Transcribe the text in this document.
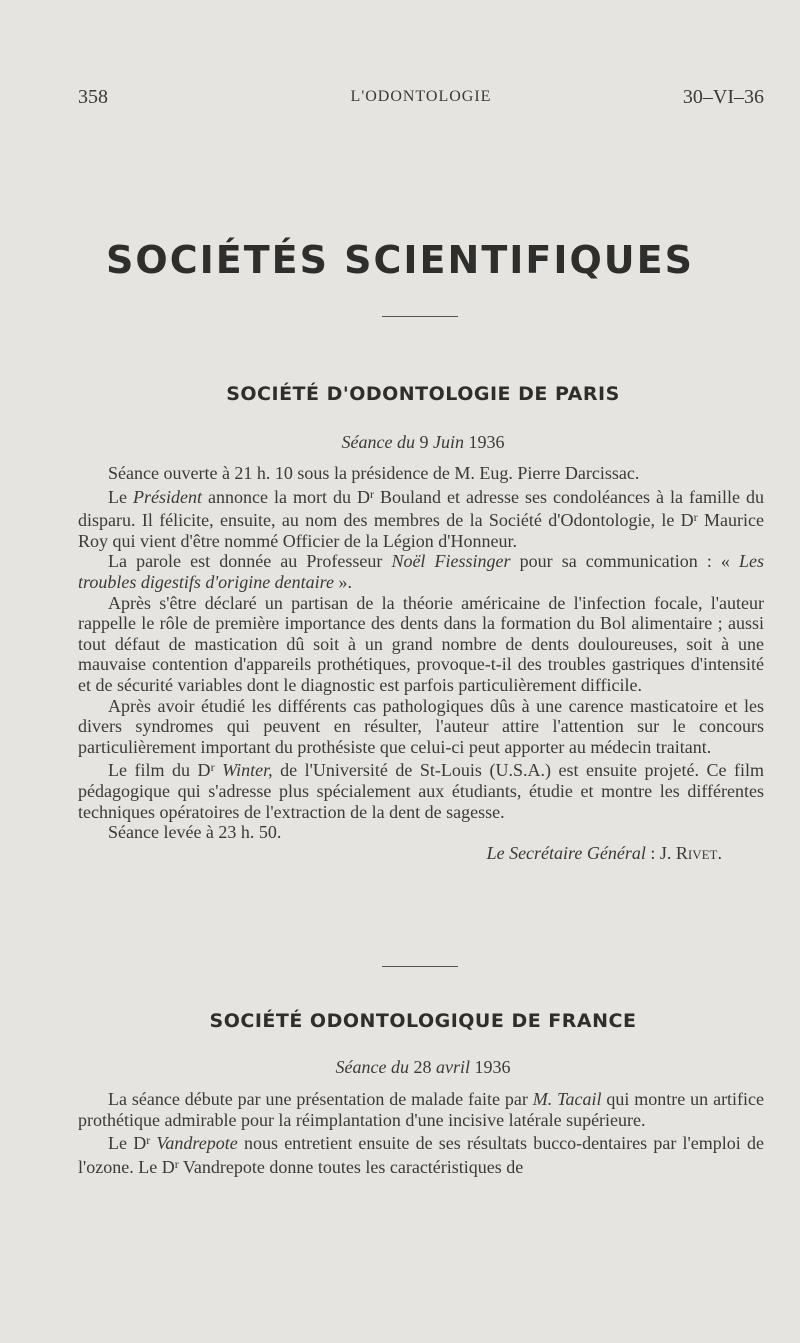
358	L'ODONTOLOGIE	30–VI–36
SOCIÉTÉS SCIENTIFIQUES
SOCIÉTÉ D'ODONTOLOGIE DE PARIS
Séance du 9 Juin 1936

Séance ouverte à 21 h. 10 sous la présidence de M. Eug. Pierre Darcissac.

Le Président annonce la mort du $D^r$ Bouland et adresse ses condoléances à la famille du disparu. Il félicite, ensuite, au nom des membres de la Société d'Odontologie, le $D^r$ Maurice Roy qui vient d'être nommé Officier de la Légion d'Honneur.

La parole est donnée au Professeur Noël Fiessinger pour sa communication : « Les troubles digestifs d'origine dentaire ».

Après s'être déclaré un partisan de la théorie américaine de l'infection focale, l'auteur rappelle le rôle de première importance des dents dans la formation du Bol alimentaire ; aussi tout défaut de mastication dû soit à un grand nombre de dents douloureuses, soit à une mauvaise contention d'appareils prothétiques, provoque-t-il des troubles gastriques d'intensité et de sécurité variables dont le diagnostic est parfois particulièrement difficile.

Après avoir étudié les différents cas pathologiques dûs à une carence masticatoire et les divers syndromes qui peuvent en résulter, l'auteur attire l'attention sur le concours particulièrement important du prothésiste que celui-ci peut apporter au médecin traitant.

Le film du $D^r$ Winter, de l'Université de St-Louis (U.S.A.) est ensuite projeté. Ce film pédagogique qui s'adresse plus spécialement aux étudiants, étudie et montre les différentes techniques opératoires de l'extraction de la dent de sagesse.

Séance levée à 23 h. 50.

Le Secrétaire Général : J. Rivet.
SOCIÉTÉ ODONTOLOGIQUE DE FRANCE
Séance du 28 avril 1936

La séance débute par une présentation de malade faite par M. Tacail qui montre un artifice prothétique admirable pour la réimplantation d'une incisive latérale supérieure.

Le $D^r$ Vandrepote nous entretient ensuite de ses résultats bucco-dentaires par l'emploi de l'ozone. Le $D^r$ Vandrepote donne toutes les caractéristiques de
